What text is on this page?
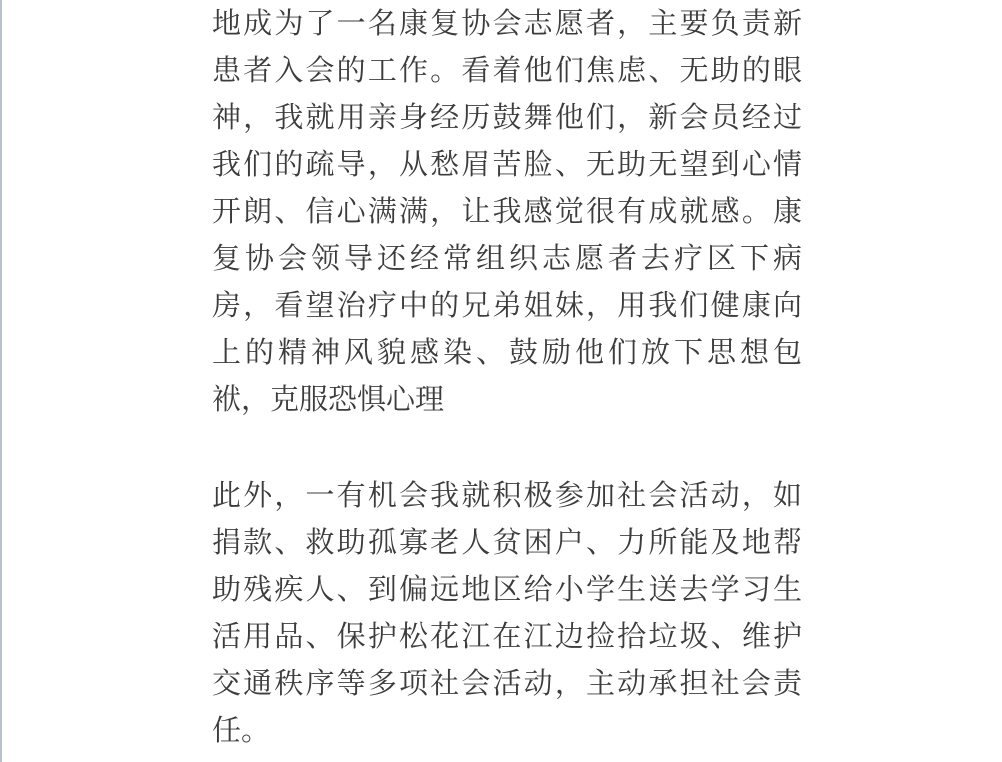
地成为了一名康复协会志愿者，主要负责新
患者入会的工作。看着他们焦虑、无助的眼
神，我就用亲身经历鼓舞他们，新会员经过
我们的疏导，从愁眉苦脸、无助无望到心情
开朗、信心满满，让我感觉很有成就感。康
复协会领导还经常组织志愿者去疗区下病
房，看望治疗中的兄弟姐妹，用我们健康向
上的精神风貌感染、鼓励他们放下思想包
袱，克服恐惧心理
此外，一有机会我就积极参加社会活动，如
捐款、救助孤寡老人贫困户、力所能及地帮
助残疾人、到偏远地区给小学生送去学习生
活用品、保护松花江在江边捡拾垃圾、维护
交通秩序等多项社会活动，主动承担社会责
任。
